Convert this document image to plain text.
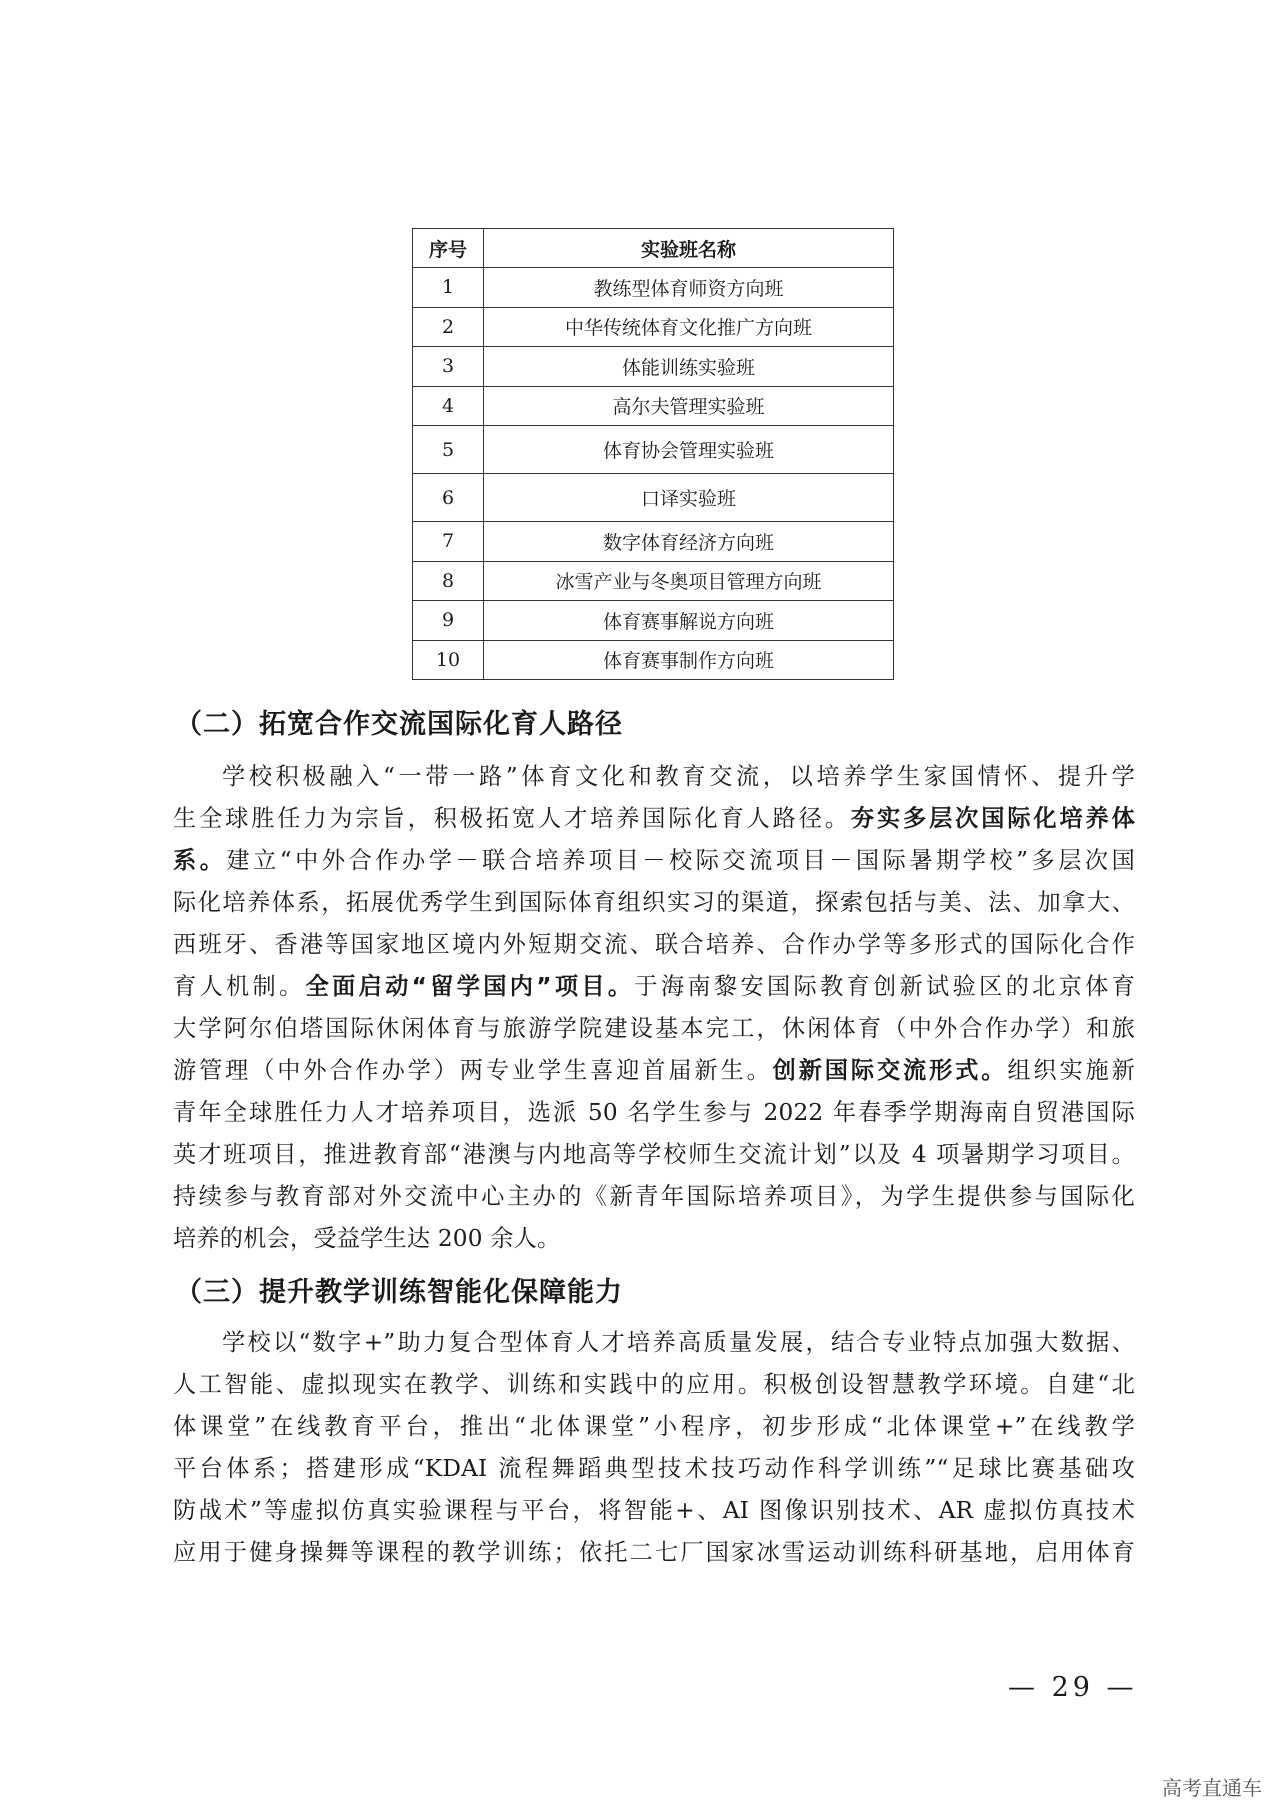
序号	实验班名称
1	教练型体育师资方向班
2	中华传统体育文化推广方向班
3	体能训练实验班
4	高尔夫管理实验班
5	体育协会管理实验班
6	口译实验班
7	数字体育经济方向班
8	冰雪产业与冬奥项目管理方向班
9	体育赛事解说方向班
10	体育赛事制作方向班
（二）拓宽合作交流国际化育人路径
学校积极融入“一带一路”体育文化和教育交流，以培养学生家国情怀、提升学
生全球胜任力为宗旨，积极拓宽人才培养国际化育人路径。夯实多层次国际化培养体
系。建立“中外合作办学－联合培养项目－校际交流项目－国际暑期学校”多层次国
际化培养体系，拓展优秀学生到国际体育组织实习的渠道，探索包括与美、法、加拿大、
西班牙、香港等国家地区境内外短期交流、联合培养、合作办学等多形式的国际化合作
育人机制。全面启动“留学国内”项目。于海南黎安国际教育创新试验区的北京体育
大学阿尔伯塔国际休闲体育与旅游学院建设基本完工，休闲体育（中外合作办学）和旅
游管理（中外合作办学）两专业学生喜迎首届新生。创新国际交流形式。组织实施新
青年全球胜任力人才培养项目，选派 50 名学生参与 2022 年春季学期海南自贸港国际
英才班项目，推进教育部“港澳与内地高等学校师生交流计划”以及 4 项暑期学习项目。
持续参与教育部对外交流中心主办的《新青年国际培养项目》，为学生提供参与国际化
培养的机会，受益学生达 200 余人。
（三）提升教学训练智能化保障能力
学校以“数字+”助力复合型体育人才培养高质量发展，结合专业特点加强大数据、
人工智能、虚拟现实在教学、训练和实践中的应用。积极创设智慧教学环境。自建“北
体课堂”在线教育平台，推出“北体课堂”小程序，初步形成“北体课堂+”在线教学
平台体系；搭建形成“KDAI 流程舞蹈典型技术技巧动作科学训练”“足球比赛基础攻
防战术”等虚拟仿真实验课程与平台，将智能+、AI 图像识别技术、AR 虚拟仿真技术
应用于健身操舞等课程的教学训练；依托二七厂国家冰雪运动训练科研基地，启用体育
— 29 —
高考直通车
